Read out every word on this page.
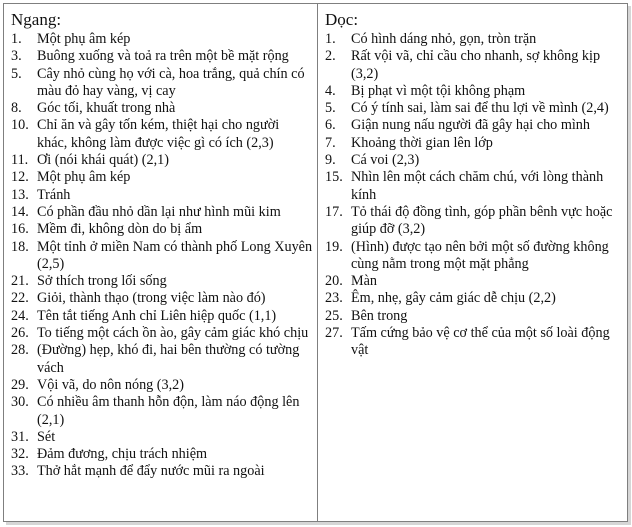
Ngang:
1.	Một phụ âm kép
3.	Buông xuống và toả ra trên một bề mặt rộng
5.	Cây nhỏ cùng họ với cà, hoa trắng, quả chín có màu đỏ hay vàng, vị cay
8.	Góc tối, khuất trong nhà
10. Chỉ ăn và gây tốn kém, thiệt hại cho người khác, không làm được việc gì có ích (2,3)
11. Ơi (nói khái quát) (2,1)
12. Một phụ âm kép
13. Tránh
14. Có phần đầu nhỏ dần lại như hình mũi kim
16. Mềm đi, không dòn do bị ẩm
18. Một tỉnh ở miền Nam có thành phố Long Xuyên (2,5)
21. Sở thích trong lối sống
22. Giỏi, thành thạo (trong việc làm nào đó)
24. Tên tắt tiếng Anh chỉ Liên hiệp quốc (1,1)
26. To tiếng một cách ồn ào, gây cảm giác khó chịu
28. (Đường) hẹp, khó đi, hai bên thường có tường vách
29. Vội vã, do nôn nóng (3,2)
30. Có nhiều âm thanh hỗn độn, làm náo động lên (2,1)
31. Sét
32. Đảm đương, chịu trách nhiệm
33. Thở hắt mạnh để đẩy nước mũi ra ngoài
Dọc:
1.	Có hình dáng nhỏ, gọn, tròn trặn
2.	Rất vội vã, chỉ cầu cho nhanh, sợ không kịp (3,2)
4.	Bị phạt vì một tội không phạm
5.	Có ý tính sai, làm sai để thu lợi về mình (2,4)
6.	Giận nung nấu người đã gây hại cho mình
7.	Khoảng thời gian lên lớp
9.	Cá voi (2,3)
15. Nhìn lên một cách chăm chú, với lòng thành kính
17. Tỏ thái độ đồng tình, góp phần bênh vực hoặc giúp đỡ (3,2)
19. (Hình) được tạo nên bởi một số đường không cùng nằm trong một mặt phẳng
20. Màn
23. Êm, nhẹ, gây cảm giác dễ chịu (2,2)
25. Bên trong
27. Tấm cứng bảo vệ cơ thể của một số loài động vật
